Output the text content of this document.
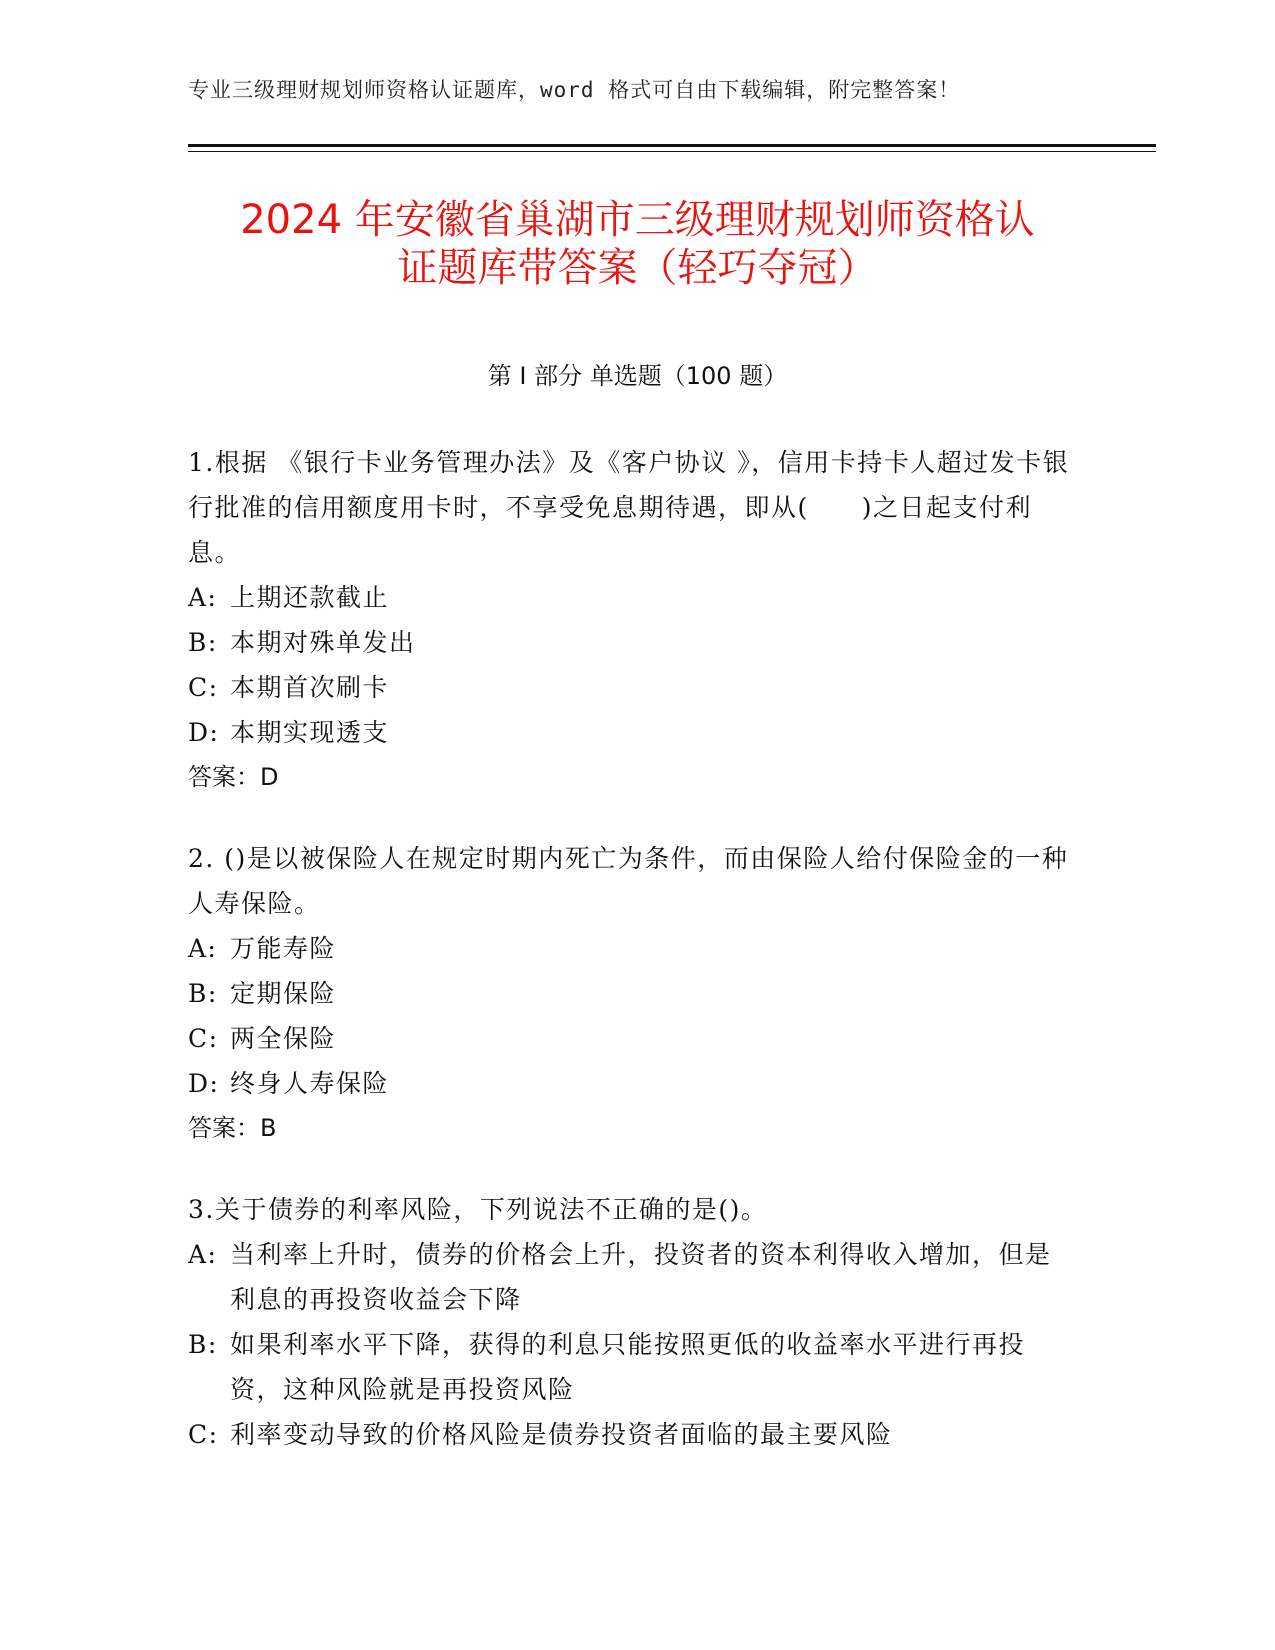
专业三级理财规划师资格认证题库，word 格式可自由下载编辑，附完整答案！
2024 年安徽省巢湖市三级理财规划师资格认
证题库带答案（轻巧夺冠）
第 I 部分 单选题（100 题）

1.根据 《银行卡业务管理办法》及《客户协议 》，信用卡持卡人超过发卡银行批准的信用额度用卡时，不享受免息期待遇，即从(　　)之日起支付利息。

A: 上期还款截止
B: 本期对殊单发出
C: 本期首次刷卡
D: 本期实现透支

答案：D

2. ()是以被保险人在规定时期内死亡为条件，而由保险人给付保险金的一种人寿保险。

A: 万能寿险
B: 定期保险
C: 两全保险
D: 终身人寿保险

答案：B

3.关于债券的利率风险，下列说法不正确的是()。

A: 当利率上升时，债券的价格会上升，投资者的资本利得收入增加，但是利息的再投资收益会下降
B: 如果利率水平下降，获得的利息只能按照更低的收益率水平进行再投资，这种风险就是再投资风险
C: 利率变动导致的价格风险是债券投资者面临的最主要风险
